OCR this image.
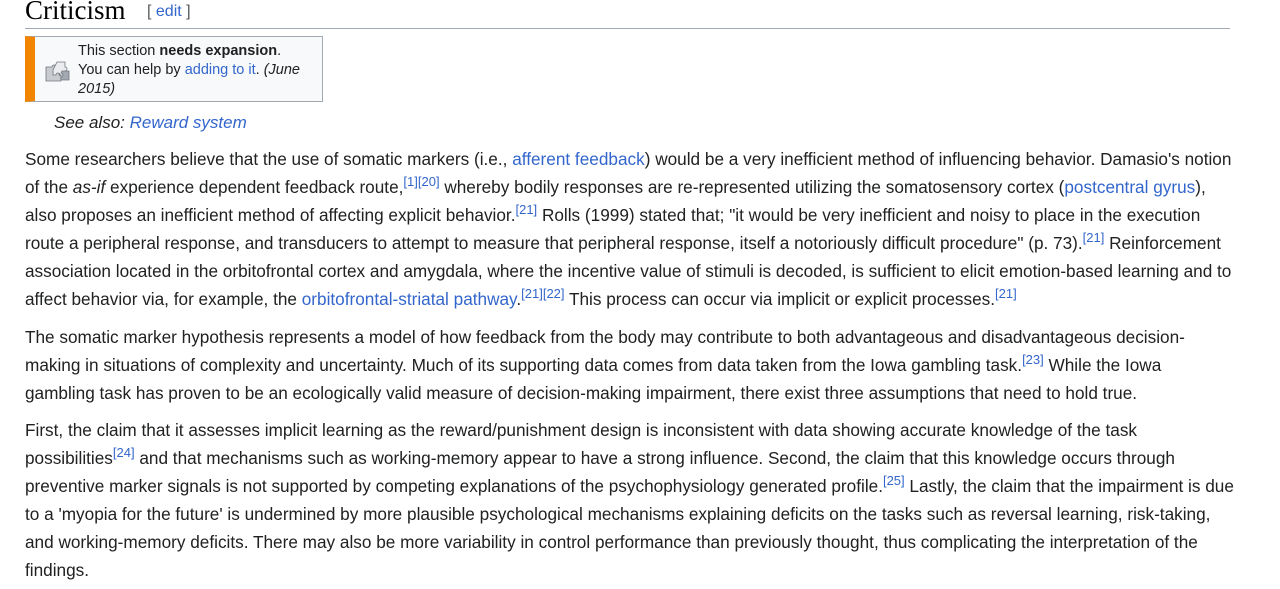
Criticism [ edit ]
This section needs expansion.
You can help by adding to it. (June 2015)
See also: Reward system

Some researchers believe that the use of somatic markers (i.e., afferent feedback) would be a very inefficient method of influencing behavior. Damasio's notion of the as-if experience dependent feedback route,[1][20] whereby bodily responses are re-represented utilizing the somatosensory cortex (postcentral gyrus), also proposes an inefficient method of affecting explicit behavior.[21] Rolls (1999) stated that; "it would be very inefficient and noisy to place in the execution route a peripheral response, and transducers to attempt to measure that peripheral response, itself a notoriously difficult procedure" (p. 73).[21] Reinforcement association located in the orbitofrontal cortex and amygdala, where the incentive value of stimuli is decoded, is sufficient to elicit emotion-based learning and to affect behavior via, for example, the orbitofrontal-striatal pathway.[21][22] This process can occur via implicit or explicit processes.[21]

The somatic marker hypothesis represents a model of how feedback from the body may contribute to both advantageous and disadvantageous decision-making in situations of complexity and uncertainty. Much of its supporting data comes from data taken from the Iowa gambling task.[23] While the Iowa gambling task has proven to be an ecologically valid measure of decision-making impairment, there exist three assumptions that need to hold true.

First, the claim that it assesses implicit learning as the reward/punishment design is inconsistent with data showing accurate knowledge of the task possibilities[24] and that mechanisms such as working-memory appear to have a strong influence. Second, the claim that this knowledge occurs through preventive marker signals is not supported by competing explanations of the psychophysiology generated profile.[25] Lastly, the claim that the impairment is due to a 'myopia for the future' is undermined by more plausible psychological mechanisms explaining deficits on the tasks such as reversal learning, risk-taking, and working-memory deficits. There may also be more variability in control performance than previously thought, thus complicating the interpretation of the findings.
